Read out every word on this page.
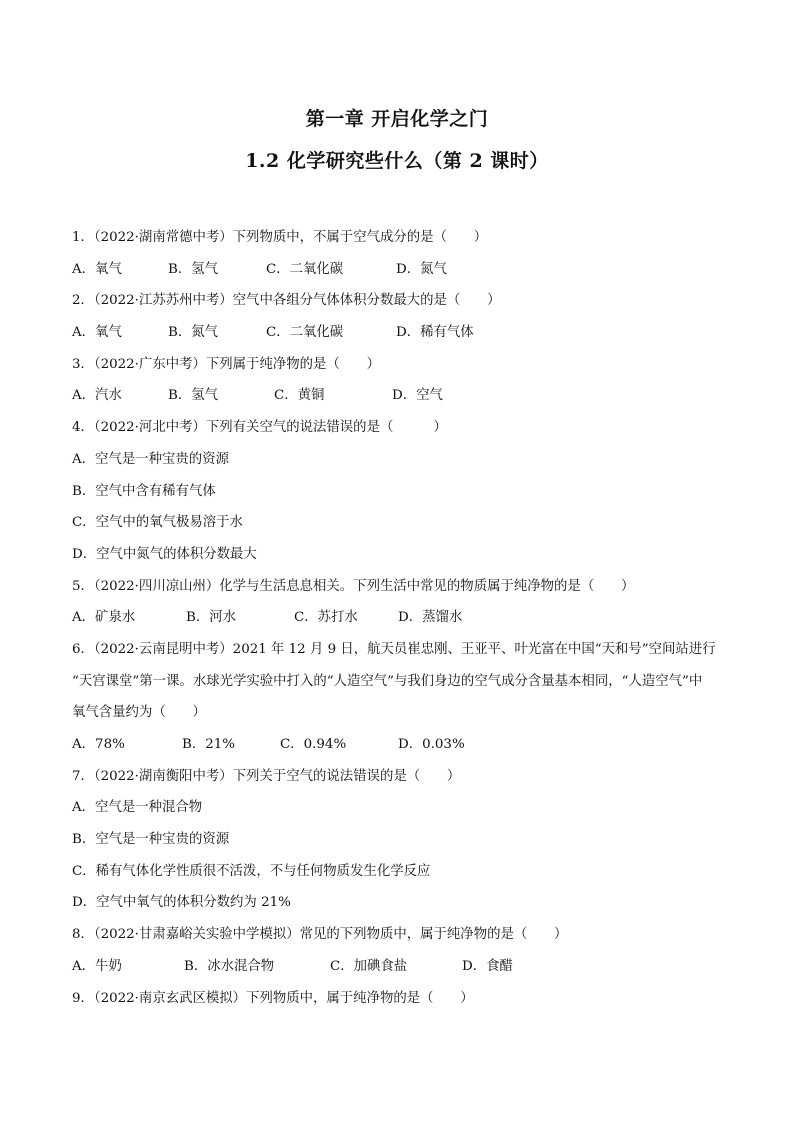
第一章 开启化学之门
1.2 化学研究些什么（第 2 课时）
1．（2022·湖南常德中考）下列物质中，不属于空气成分的是（　　）
A．氧气	B．氢气	C．二氧化碳	D．氮气
2．（2022·江苏苏州中考）空气中各组分气体体积分数最大的是（　　）
A．氧气	B．氮气	C．二氧化碳	D．稀有气体
3．（2022·广东中考）下列属于纯净物的是（　　）
A．汽水	B．氢气	C．黄铜	D．空气
4．（2022·河北中考）下列有关空气的说法错误的是（　　　）
A．空气是一种宝贵的资源
B．空气中含有稀有气体
C．空气中的氧气极易溶于水
D．空气中氮气的体积分数最大
5．（2022·四川凉山州）化学与生活息息相关。下列生活中常见的物质属于纯净物的是（　　）
A．矿泉水	B．河水	C．苏打水	D．蒸馏水
6．（2022·云南昆明中考）2021 年 12 月 9 日，航天员崔忠刚、王亚平、叶光富在中国“天和号”空间站进行
“天宫课堂”第一课。水球光学实验中打入的“人造空气”与我们身边的空气成分含量基本相同，“人造空气”中
氧气含量约为（　　）
A．78%	B．21%	C．0.94%	D．0.03%
7．（2022·湖南衡阳中考）下列关于空气的说法错误的是（　　）
A．空气是一种混合物
B．空气是一种宝贵的资源
C．稀有气体化学性质很不活泼，不与任何物质发生化学反应
D．空气中氧气的体积分数约为 21%
8．（2022·甘肃嘉峪关实验中学模拟）常见的下列物质中，属于纯净物的是（　　）
A．牛奶	B．冰水混合物	C．加碘食盐	D．食醋
9．（2022·南京玄武区模拟）下列物质中，属于纯净物的是（　　）
